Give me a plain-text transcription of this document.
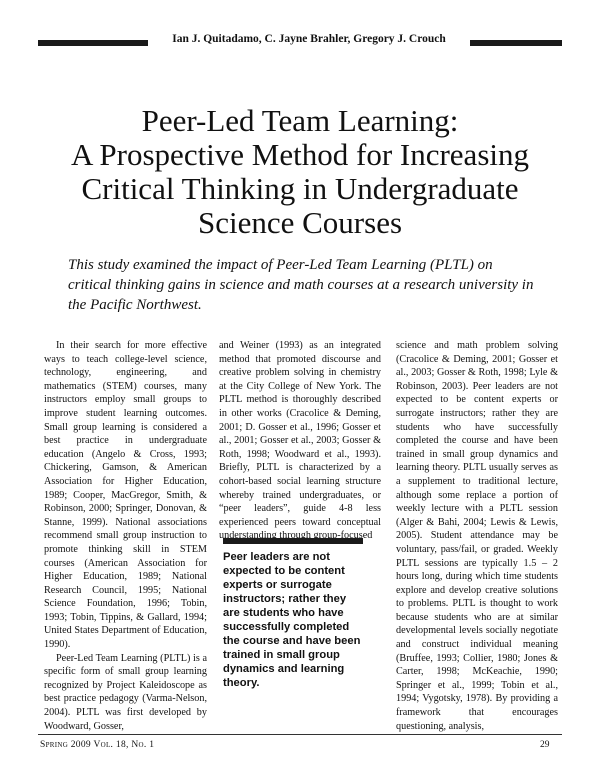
Ian J. Quitadamo, C. Jayne Brahler, Gregory J. Crouch
Peer-Led Team Learning:
A Prospective Method for Increasing
Critical Thinking in Undergraduate
Science Courses

This study examined the impact of Peer-Led Team Learning (PLTL) on critical thinking gains in science and math courses at a research university in the Pacific Northwest.

In their search for more effective ways to teach college-level science, technology, engineering, and mathematics (STEM) courses, many instructors employ small groups to improve student learning outcomes. Small group learning is considered a best practice in undergraduate education (Angelo & Cross, 1993; Chickering, Gamson, & American Association for Higher Education, 1989; Cooper, MacGregor, Smith, & Robinson, 2000; Springer, Donovan, & Stanne, 1999). National associations recommend small group instruction to promote thinking skill in STEM courses (American Association for Higher Education, 1989; National Research Council, 1995; National Science Foundation, 1996; Tobin, 1993; Tobin, Tippins, & Gallard, 1994; United States Department of Education, 1990).

Peer-Led Team Learning (PLTL) is a specific form of small group learning recognized by Project Kaleidoscope as best practice pedagogy (Varma-Nelson, 2004). PLTL was first developed by Woodward, Gosser,

and Weiner (1993) as an integrated method that promoted discourse and creative problem solving in chemistry at the City College of New York. The PLTL method is thoroughly described in other works (Cracolice & Deming, 2001; D. Gosser et al., 1996; Gosser et al., 2001; Gosser et al., 2003; Gosser & Roth, 1998; Woodward et al., 1993). Briefly, PLTL is characterized by a cohort-based social learning structure whereby trained undergraduates, or “peer leaders”, guide 4-8 less experienced peers toward conceptual understanding through group-focused

Peer leaders are not expected to be content experts or surrogate instructors; rather they are students who have successfully completed the course and have been trained in small group dynamics and learning theory.

science and math problem solving (Cracolice & Deming, 2001; Gosser et al., 2003; Gosser & Roth, 1998; Lyle & Robinson, 2003). Peer leaders are not expected to be content experts or surrogate instructors; rather they are students who have successfully completed the course and have been trained in small group dynamics and learning theory. PLTL usually serves as a supplement to traditional lecture, although some replace a portion of weekly lecture with a PLTL session (Alger & Bahi, 2004; Lewis & Lewis, 2005). Student attendance may be voluntary, pass/fail, or graded. Weekly PLTL sessions are typically 1.5 – 2 hours long, during which time students explore and develop creative solutions to problems. PLTL is thought to work because students who are at similar developmental levels socially negotiate and construct individual meaning (Bruffee, 1993; Collier, 1980; Jones & Carter, 1998; McKeachie, 1990; Springer et al., 1999; Tobin et al., 1994; Vygotsky, 1978). By providing a framework that encourages questioning, analysis,

Spring 2009 Vol. 18, No. 1	29
